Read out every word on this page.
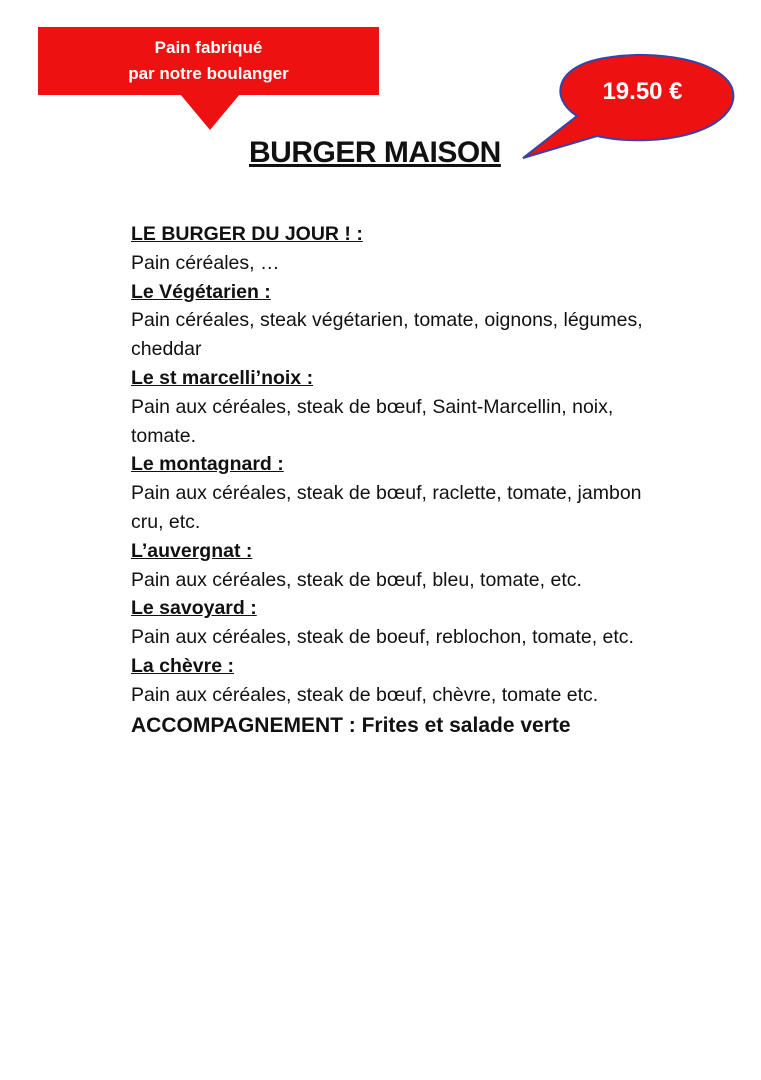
Pain fabriqué
par notre boulanger
19.50 €
BURGER MAISON
LE BURGER DU JOUR ! :
Pain céréales, …
Le Végétarien :
Pain céréales, steak végétarien, tomate, oignons, légumes, cheddar
Le st marcelli’noix :
Pain aux céréales, steak de bœuf, Saint-Marcellin, noix, tomate.
Le montagnard :
Pain aux céréales, steak de bœuf, raclette, tomate, jambon cru, etc.
L’auvergnat :
Pain aux céréales, steak de bœuf, bleu, tomate, etc.
Le savoyard :
Pain aux céréales, steak de boeuf, reblochon, tomate, etc.
La chèvre :
Pain aux céréales, steak de bœuf, chèvre, tomate etc.
ACCOMPAGNEMENT : Frites et salade verte
